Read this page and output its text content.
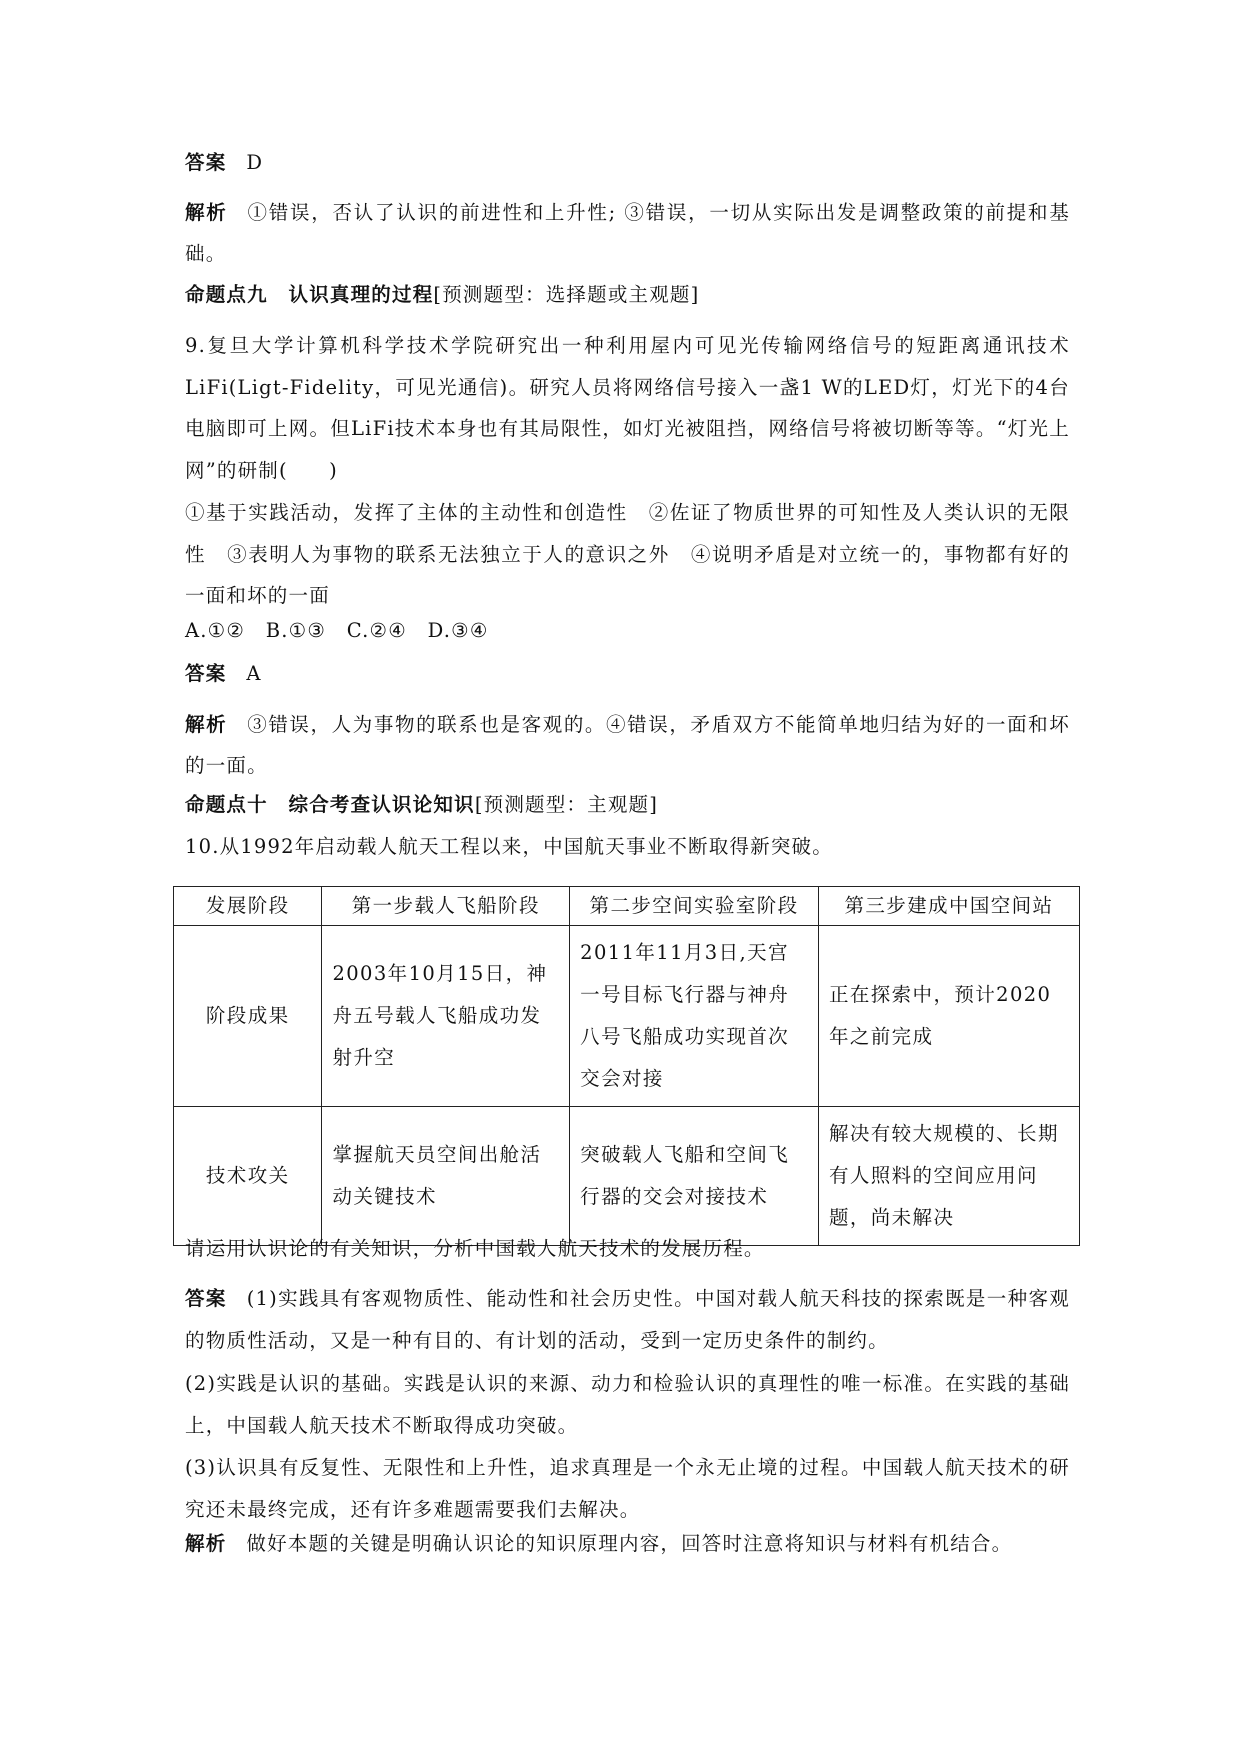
答案 D
解析 ①错误，否认了认识的前进性和上升性; ③错误，一切从实际出发是调整政策的前提和基础。
命题点九　认识真理的过程[预测题型：选择题或主观题]
9.复旦大学计算机科学技术学院研究出一种利用屋内可见光传输网络信号的短距离通讯技术LiFi(Ligt-Fidelity，可见光通信)。研究人员将网络信号接入一盏1 W的LED灯，灯光下的4台电脑即可上网。但LiFi技术本身也有其局限性，如灯光被阻挡，网络信号将被切断等等。“灯光上网”的研制(　　)
①基于实践活动，发挥了主体的主动性和创造性　②佐证了物质世界的可知性及人类认识的无限性　③表明人为事物的联系无法独立于人的意识之外　④说明矛盾是对立统一的，事物都有好的一面和坏的一面
A.①②　B.①③　C.②④　D.③④
答案 A
解析 ③错误，人为事物的联系也是客观的。④错误，矛盾双方不能简单地归结为好的一面和坏的一面。
命题点十　综合考查认识论知识[预测题型：主观题]
10.从1992年启动载人航天工程以来，中国航天事业不断取得新突破。
发展阶段	第一步载人飞船阶段	第二步空间实验室阶段	第三步建成中国空间站
阶段成果	2003年10月15日，神舟五号载人飞船成功发射升空	2011年11月3日,天宫一号目标飞行器与神舟八号飞船成功实现首次交会对接	正在探索中，预计2020年之前完成
技术攻关	掌握航天员空间出舱活动关键技术	突破载人飞船和空间飞行器的交会对接技术	解决有较大规模的、长期有人照料的空间应用问题，尚未解决
请运用认识论的有关知识，分析中国载人航天技术的发展历程。
答案 (1)实践具有客观物质性、能动性和社会历史性。中国对载人航天科技的探索既是一种客观的物质性活动，又是一种有目的、有计划的活动，受到一定历史条件的制约。
(2)实践是认识的基础。实践是认识的来源、动力和检验认识的真理性的唯一标准。在实践的基础上，中国载人航天技术不断取得成功突破。
(3)认识具有反复性、无限性和上升性，追求真理是一个永无止境的过程。中国载人航天技术的研究还未最终完成，还有许多难题需要我们去解决。
解析 做好本题的关键是明确认识论的知识原理内容，回答时注意将知识与材料有机结合。
